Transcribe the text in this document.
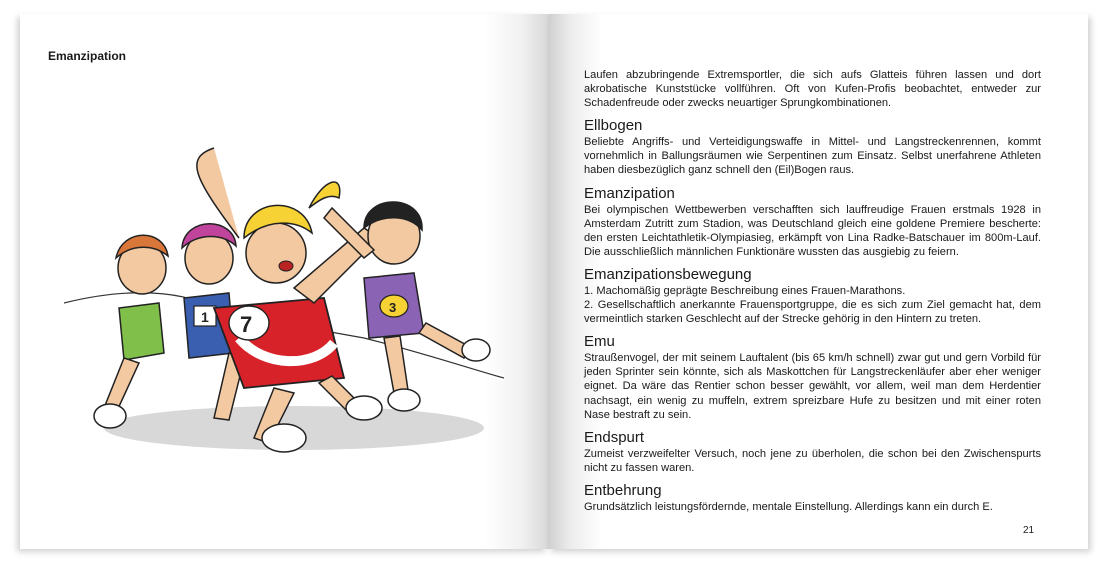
Emanzipation
1 7
3

Laufen abzubringende Extremsportler, die sich aufs Glatteis führen lassen und dort akrobatische Kunststücke vollführen. Oft von Kufen-Profis beobachtet, entweder zur Schadenfreude oder zwecks neuartiger Sprungkombinationen.

Ellbogen

Beliebte Angriffs- und Verteidigungswaffe in Mittel- und Langstreckenrennen, kommt vornehmlich in Ballungsräumen wie Serpentinen zum Einsatz. Selbst unerfahrene Athleten haben diesbezüglich ganz schnell den (Eil)Bogen raus.

Emanzipation

Bei olympischen Wettbewerben verschafften sich lauffreudige Frauen erstmals 1928 in Amsterdam Zutritt zum Stadion, was Deutschland gleich eine goldene Premiere bescherte: den ersten Leichtathletik-Olympiasieg, erkämpft von Lina Radke-Batschauer im 800m-Lauf. Die ausschließlich männlichen Funktionäre wussten das ausgiebig zu feiern.

Emanzipationsbewegung

1. Machomäßig geprägte Beschreibung eines Frauen-Marathons.

2. Gesellschaftlich anerkannte Frauensportgruppe, die es sich zum Ziel gemacht hat, dem vermeintlich starken Geschlecht auf der Strecke gehörig in den Hintern zu treten.

Emu

Straußenvogel, der mit seinem Lauftalent (bis 65 km/h schnell) zwar gut und gern Vorbild für jeden Sprinter sein könnte, sich als Maskottchen für Langstreckenläufer aber eher weniger eignet. Da wäre das Rentier schon besser gewählt, vor allem, weil man dem Herdentier nachsagt, ein wenig zu muffeln, extrem spreizbare Hufe zu besitzen und mit einer roten Nase bestraft zu sein.

Endspurt

Zumeist verzweifelter Versuch, noch jene zu überholen, die schon bei den Zwischenspurts nicht zu fassen waren.

Entbehrung

Grundsätzlich leistungsfördernde, mentale Einstellung. Allerdings kann ein durch E.

21
